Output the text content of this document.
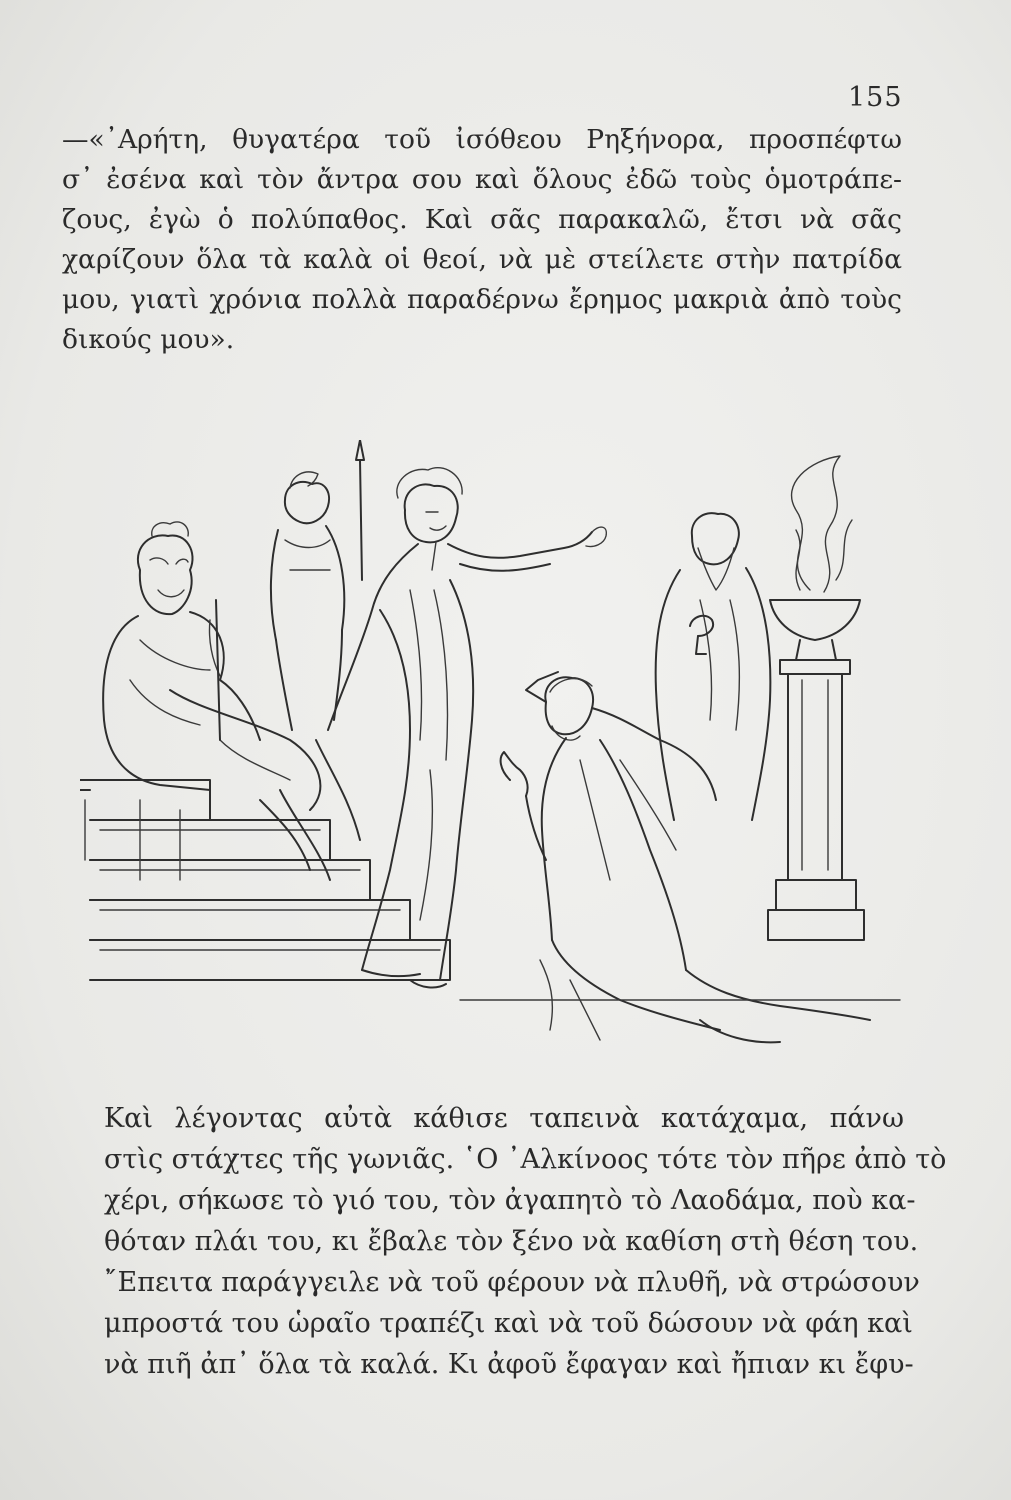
155
—«᾿Αρήτη, θυγατέρα τοῦ ἰσόθεου Ρηξήνορα, προσπέφτω
σ᾿ ἐσένα καὶ τὸν ἄντρα σου καὶ ὅλους ἐδῶ τοὺς ὁμοτράπε-
ζους, ἐγὼ ὁ πολύπαθος. Καὶ σᾶς παρακαλῶ, ἔτσι νὰ σᾶς
χαρίζουν ὅλα τὰ καλὰ οἱ θεοί, νὰ μὲ στείλετε στὴν πατρίδα
μου, γιατὶ χρόνια πολλὰ παραδέρνω ἔρημος μακριὰ ἀπὸ τοὺς
δικούς μου».
Καὶ λέγοντας αὐτὰ κάθισε ταπεινὰ κατάχαμα, πάνω
στὶς στάχτες τῆς γωνιᾶς. ῾Ο ᾿Αλκίνοος τότε τὸν πῆρε ἀπὸ τὸ
χέρι, σήκωσε τὸ γιό του, τὸν ἀγαπητὸ τὸ Λαοδάμα, ποὺ κα-
θόταν πλάι του, κι ἔβαλε τὸν ξένο νὰ καθίση στὴ θέση του.
῎Επειτα παράγγειλε νὰ τοῦ φέρουν νὰ πλυθῆ, νὰ στρώσουν
μπροστά του ὡραῖο τραπέζι καὶ νὰ τοῦ δώσουν νὰ φάη καὶ
νὰ πιῆ ἀπ᾿ ὅλα τὰ καλά. Κι ἀφοῦ ἔφαγαν καὶ ἤπιαν κι ἔφυ-
